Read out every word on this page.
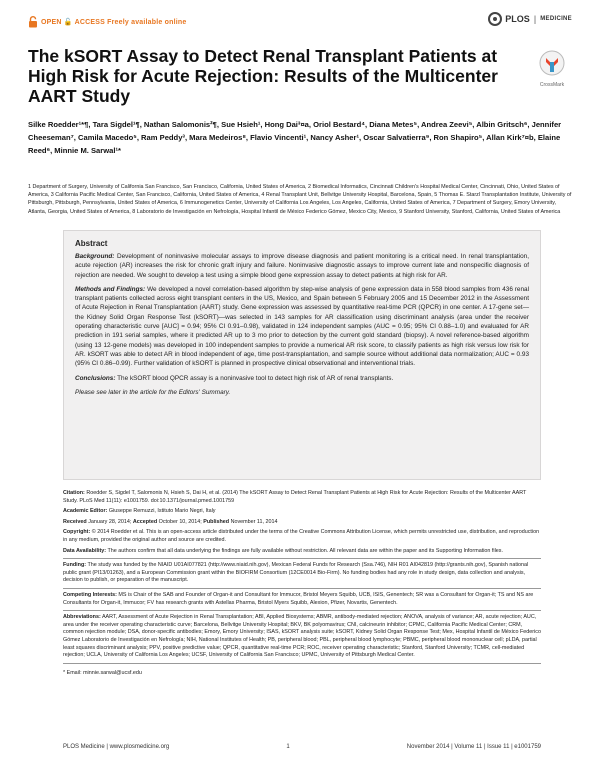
OPEN 🔓 ACCESS Freely available online	PLOS | MEDICINE
The kSORT Assay to Detect Renal Transplant Patients at High Risk for Acute Rejection: Results of the Multicenter AART Study
CrossMark

Silke Roedder¹*¶, Tara Sigdel¹¶, Nathan Salomonis²¶, Sue Hsieh¹, Hong Dai³¤a, Oriol Bestard⁴, Diana Metes⁵, Andrea Zeevi⁵, Albin Gritsch⁶, Jennifer Cheeseman⁷, Camila Macedo⁵, Ram Peddy³, Mara Medeiros⁸, Flavio Vincenti¹, Nancy Asher¹, Oscar Salvatierra⁹, Ron Shapiro⁵, Allan Kirk⁷¤b, Elaine Reed⁶, Minnie M. Sarwal¹*

1 Department of Surgery, University of California San Francisco, San Francisco, California, United States of America, 2 Biomedical Informatics, Cincinnati Children's Hospital Medical Center, Cincinnati, Ohio, United States of America, 3 California Pacific Medical Center, San Francisco, California, United States of America, 4 Renal Transplant Unit, Bellvitge University Hospital, Barcelona, Spain, 5 Thomas E. Starzl Transplantation Institute, University of Pittsburgh, Pittsburgh, Pennsylvania, United States of America, 6 Immunogenetics Center, University of California Los Angeles, Los Angeles, California, United States of America, 7 Department of Surgery, Emory University, Atlanta, Georgia, United States of America, 8 Laboratorio de Investigación en Nefrología, Hospital Infantil de México Federico Gómez, Mexico City, Mexico, 9 Stanford University, Stanford, California, United States of America

Abstract

Background: Development of noninvasive molecular assays to improve disease diagnosis and patient monitoring is a critical need. In renal transplantation, acute rejection (AR) increases the risk for chronic graft injury and failure. Noninvasive diagnostic assays to improve current late and nonspecific diagnosis of rejection are needed. We sought to develop a test using a simple blood gene expression assay to detect patients at high risk for AR.

Methods and Findings: We developed a novel correlation-based algorithm by step-wise analysis of gene expression data in 558 blood samples from 436 renal transplant patients collected across eight transplant centers in the US, Mexico, and Spain between 5 February 2005 and 15 December 2012 in the Assessment of Acute Rejection in Renal Transplantation (AART) study. Gene expression was assessed by quantitative real-time PCR (QPCR) in one center. A 17-gene set—the Kidney Solid Organ Response Test (kSORT)—was selected in 143 samples for AR classification using discriminant analysis (area under the receiver operating characteristic curve [AUC] = 0.94; 95% CI 0.91–0.98), validated in 124 independent samples (AUC = 0.95; 95% CI 0.88–1.0) and evaluated for AR prediction in 191 serial samples, where it predicted AR up to 3 mo prior to detection by the current gold standard (biopsy). A novel reference-based algorithm (using 13 12-gene models) was developed in 100 independent samples to provide a numerical AR risk score, to classify patients as high risk versus low risk for AR. kSORT was able to detect AR in blood independent of age, time post-transplantation, and sample source without additional data normalization; AUC = 0.93 (95% CI 0.86–0.99). Further validation of kSORT is planned in prospective clinical observational and interventional trials.

Conclusions: The kSORT blood QPCR assay is a noninvasive tool to detect high risk of AR of renal transplants.

Please see later in the article for the Editors' Summary.

Citation: Roedder S, Sigdel T, Salomonis N, Hsieh S, Dai H, et al. (2014) The kSORT Assay to Detect Renal Transplant Patients at High Risk for Acute Rejection: Results of the Multicenter AART Study. PLoS Med 11(11): e1001759. doi:10.1371/journal.pmed.1001759

Academic Editor: Giuseppe Remuzzi, Istituto Mario Negri, Italy

Received January 28, 2014; Accepted October 10, 2014; Published November 11, 2014

Copyright: © 2014 Roedder et al. This is an open-access article distributed under the terms of the Creative Commons Attribution License, which permits unrestricted use, distribution, and reproduction in any medium, provided the original author and source are credited.

Data Availability: The authors confirm that all data underlying the findings are fully available without restriction. All relevant data are within the paper and its Supporting Information files.

Funding: The study was funded by the NIAID U01AI077821 (http://www.niaid.nih.gov), Mexican Federal Funds for Research (Ssa.746), NIH R01 AI042819 (http://grants.nih.gov), Spanish national public grant (PI13/01263), and a European Commission grant within the BIOFIRM Consortium (12CE0014 Bio-Firm). No funding bodies had any role in study design, data collection and analysis, decision to publish, or preparation of the manuscript.

Competing Interests: MS is Chair of the SAB and Founder of Organ-it and Consultant for Immucor, Bristol Meyers Squibb, UCB, ISIS, Genentech; SR was a Consultant for Organ-it; TS and NS are Consultants for Organ-it, Immucor; FV has research grants with Astellas Pharma, Bristol Myers Squibb, Alexion, Pfizer, Novartis, Genentech.

Abbreviations: AART, Assessment of Acute Rejection in Renal Transplantation; ABI, Applied Biosystems; ABMR, antibody-mediated rejection; ANOVA, analysis of variance; AR, acute rejection; AUC, area under the receiver operating characteristic curve; Barcelona, Bellvitge University Hospital; BKV, BK polyomavirus; CNI, calcineurin inhibitor; CPMC, California Pacific Medical Center; CRM, common rejection module; DSA, donor-specific antibodies; Emory, Emory University; ISAS, kSORT analysis suite; kSORT, Kidney Solid Organ Response Test; Mex, Hospital Infantil de México Federico Gómez Laboratorio de Investigación en Nefrología; NIH, National Institutes of Health; PB, peripheral blood; PBL, peripheral blood lymphocyte; PBMC, peripheral blood mononuclear cell; pLDA, partial least squares discriminant analysis; PPV, positive predictive value; QPCR, quantitative real-time PCR; ROC, receiver operating characteristic; Stanford, Stanford University; TCMR, cell-mediated rejection; UCLA, University of California Los Angeles; UCSF, University of California San Francisco; UPMC, University of Pittsburgh Medical Center.

* Email: minnie.sarwal@ucsf.edu

PLOS Medicine | www.plosmedicine.org	1	November 2014 | Volume 11 | Issue 11 | e1001759
